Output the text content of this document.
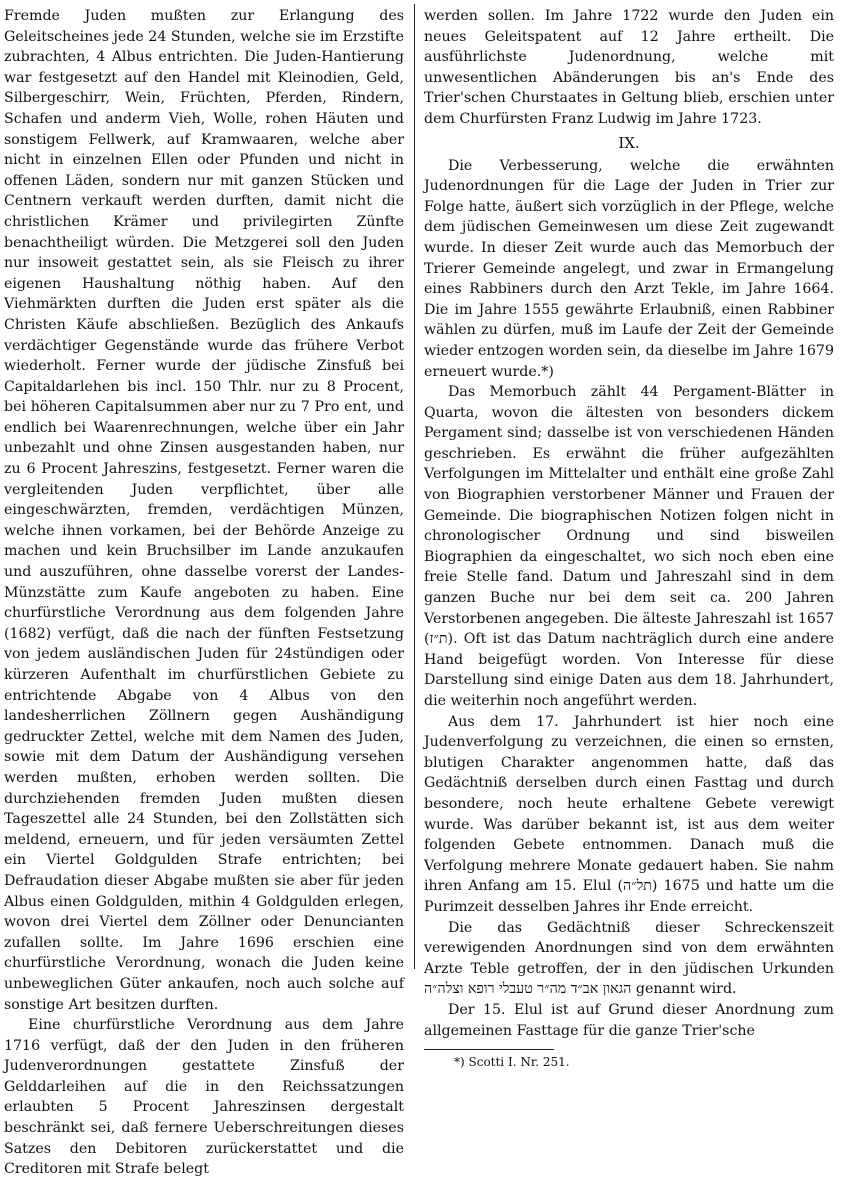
Fremde Juden mußten zur Erlangung des Geleitscheines jede 24 Stunden, welche sie im Erzstifte zubrachten, 4 Albus entrichten. Die Juden-Hantierung war festgesetzt auf den Handel mit Kleinodien, Geld, Silbergeschirr, Wein, Früchten, Pferden, Rindern, Schafen und anderm Vieh, Wolle, rohen Häuten und sonstigem Fellwerk, auf Kramwaaren, welche aber nicht in einzelnen Ellen oder Pfunden und nicht in offenen Läden, sondern nur mit ganzen Stücken und Centnern verkauft werden durften, damit nicht die christlichen Krämer und privilegirten Zünfte benachtheiligt würden. Die Metzgerei soll den Juden nur insoweit gestattet sein, als sie Fleisch zu ihrer eigenen Haushaltung nöthig haben. Auf den Viehmärkten durften die Juden erst später als die Christen Käufe abschließen. Bezüglich des Ankaufs verdächtiger Gegenstände wurde das frühere Verbot wiederholt. Ferner wurde der jüdische Zinsfuß bei Capitaldarlehen bis incl. 150 Thlr. nur zu 8 Procent, bei höheren Capitalsummen aber nur zu 7 Pro ent, und endlich bei Waarenrechnungen, welche über ein Jahr unbezahlt und ohne Zinsen ausgestanden haben, nur zu 6 Procent Jahreszins, festgesetzt. Ferner waren die vergleitenden Juden verpflichtet, über alle eingeschwärzten, fremden, verdächtigen Münzen, welche ihnen vorkamen, bei der Behörde Anzeige zu machen und kein Bruchsilber im Lande anzukaufen und auszuführen, ohne dasselbe vorerst der Landes-Münzstätte zum Kaufe angeboten zu haben. Eine churfürstliche Verordnung aus dem folgenden Jahre (1682) verfügt, daß die nach der fünften Festsetzung von jedem ausländischen Juden für 24stündigen oder kürzeren Aufenthalt im churfürstlichen Gebiete zu entrichtende Abgabe von 4 Albus von den landesherrlichen Zöllnern gegen Aushändigung gedruckter Zettel, welche mit dem Namen des Juden, sowie mit dem Datum der Aushändigung versehen werden mußten, erhoben werden sollten. Die durchziehenden fremden Juden mußten diesen Tageszettel alle 24 Stunden, bei den Zollstätten sich meldend, erneuern, und für jeden versäumten Zettel ein Viertel Goldgulden Strafe entrichten; bei Defraudation dieser Abgabe mußten sie aber für jeden Albus einen Goldgulden, mithin 4 Goldgulden erlegen, wovon drei Viertel dem Zöllner oder Denuncianten zufallen sollte. Im Jahre 1696 erschien eine churfürstliche Verordnung, wonach die Juden keine unbeweglichen Güter ankaufen, noch auch solche auf sonstige Art besitzen durften.

Eine churfürstliche Verordnung aus dem Jahre 1716 verfügt, daß der den Juden in den früheren Judenverordnungen gestattete Zinsfuß der Gelddarleihen auf die in den Reichssatzungen erlaubten 5 Procent Jahreszinsen dergestalt beschränkt sei, daß fernere Ueberschreitungen dieses Satzes den Debitoren zurückerstattet und die Creditoren mit Strafe belegt

werden sollen. Im Jahre 1722 wurde den Juden ein neues Geleitspatent auf 12 Jahre ertheilt. Die ausführlichste Judenordnung, welche mit unwesentlichen Abänderungen bis an's Ende des Trier'schen Churstaates in Geltung blieb, erschien unter dem Churfürsten Franz Ludwig im Jahre 1723.

IX.

Die Verbesserung, welche die erwähnten Judenordnungen für die Lage der Juden in Trier zur Folge hatte, äußert sich vorzüglich in der Pflege, welche dem jüdischen Gemeinwesen um diese Zeit zugewandt wurde. In dieser Zeit wurde auch das Memorbuch der Trierer Gemeinde angelegt, und zwar in Ermangelung eines Rabbiners durch den Arzt Tekle, im Jahre 1664. Die im Jahre 1555 gewährte Erlaubniß, einen Rabbiner wählen zu dürfen, muß im Laufe der Zeit der Gemeinde wieder entzogen worden sein, da dieselbe im Jahre 1679 erneuert wurde.*)

Das Memorbuch zählt 44 Pergament-Blätter in Quarta, wovon die ältesten von besonders dickem Pergament sind; dasselbe ist von verschiedenen Händen geschrieben. Es erwähnt die früher aufgezählten Verfolgungen im Mittelalter und enthält eine große Zahl von Biographien verstorbener Männer und Frauen der Gemeinde. Die biographischen Notizen folgen nicht in chronologischer Ordnung und sind bisweilen Biographien da eingeschaltet, wo sich noch eben eine freie Stelle fand. Datum und Jahreszahl sind in dem ganzen Buche nur bei dem seit ca. 200 Jahren Verstorbenen angegeben. Die älteste Jahreszahl ist 1657 (ת״ז). Oft ist das Datum nachträglich durch eine andere Hand beigefügt worden. Von Interesse für diese Darstellung sind einige Daten aus dem 18. Jahrhundert, die weiterhin noch angeführt werden.

Aus dem 17. Jahrhundert ist hier noch eine Judenverfolgung zu verzeichnen, die einen so ernsten, blutigen Charakter angenommen hatte, daß das Gedächtniß derselben durch einen Fasttag und durch besondere, noch heute erhaltene Gebete verewigt wurde. Was darüber bekannt ist, ist aus dem weiter folgenden Gebete entnommen. Danach muß die Verfolgung mehrere Monate gedauert haben. Sie nahm ihren Anfang am 15. Elul (תל״ה) 1675 und hatte um die Purimzeit desselben Jahres ihr Ende erreicht.

Die das Gedächtniß dieser Schreckenszeit verewigenden Anordnungen sind von dem erwähnten Arzte Teble getroffen, der in den jüdischen Urkunden הגאון אב״ד מה״ר טעבלי רופא וצלה״ה genannt wird.

Der 15. Elul ist auf Grund dieser Anordnung zum allgemeinen Fasttage für die ganze Trier'sche

*) Scotti I. Nr. 251.
